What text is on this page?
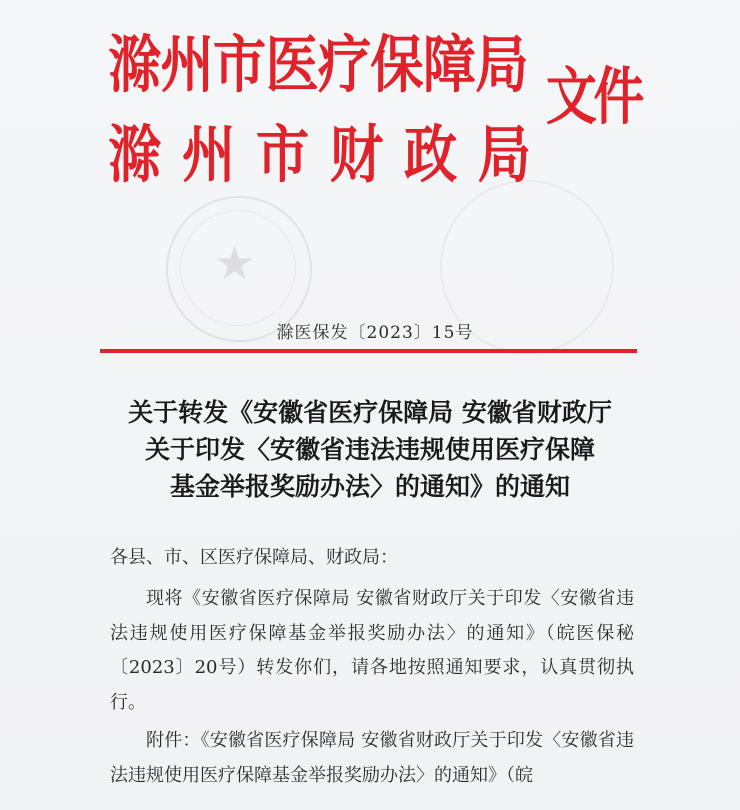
★
滁州市医疗保障局
滁州市财政局
文件
滁医保发〔2023〕15号
关于转发《安徽省医疗保障局 安徽省财政厅
关于印发〈安徽省违法违规使用医疗保障
基金举报奖励办法〉的通知》的通知
各县、市、区医疗保障局、财政局：

现将《安徽省医疗保障局 安徽省财政厅关于印发〈安徽省违法违规使用医疗保障基金举报奖励办法〉的通知》（皖医保秘〔2023〕20号）转发你们，请各地按照通知要求，认真贯彻执行。

附件：《安徽省医疗保障局 安徽省财政厅关于印发〈安徽省违法违规使用医疗保障基金举报奖励办法〉的通知》（皖
